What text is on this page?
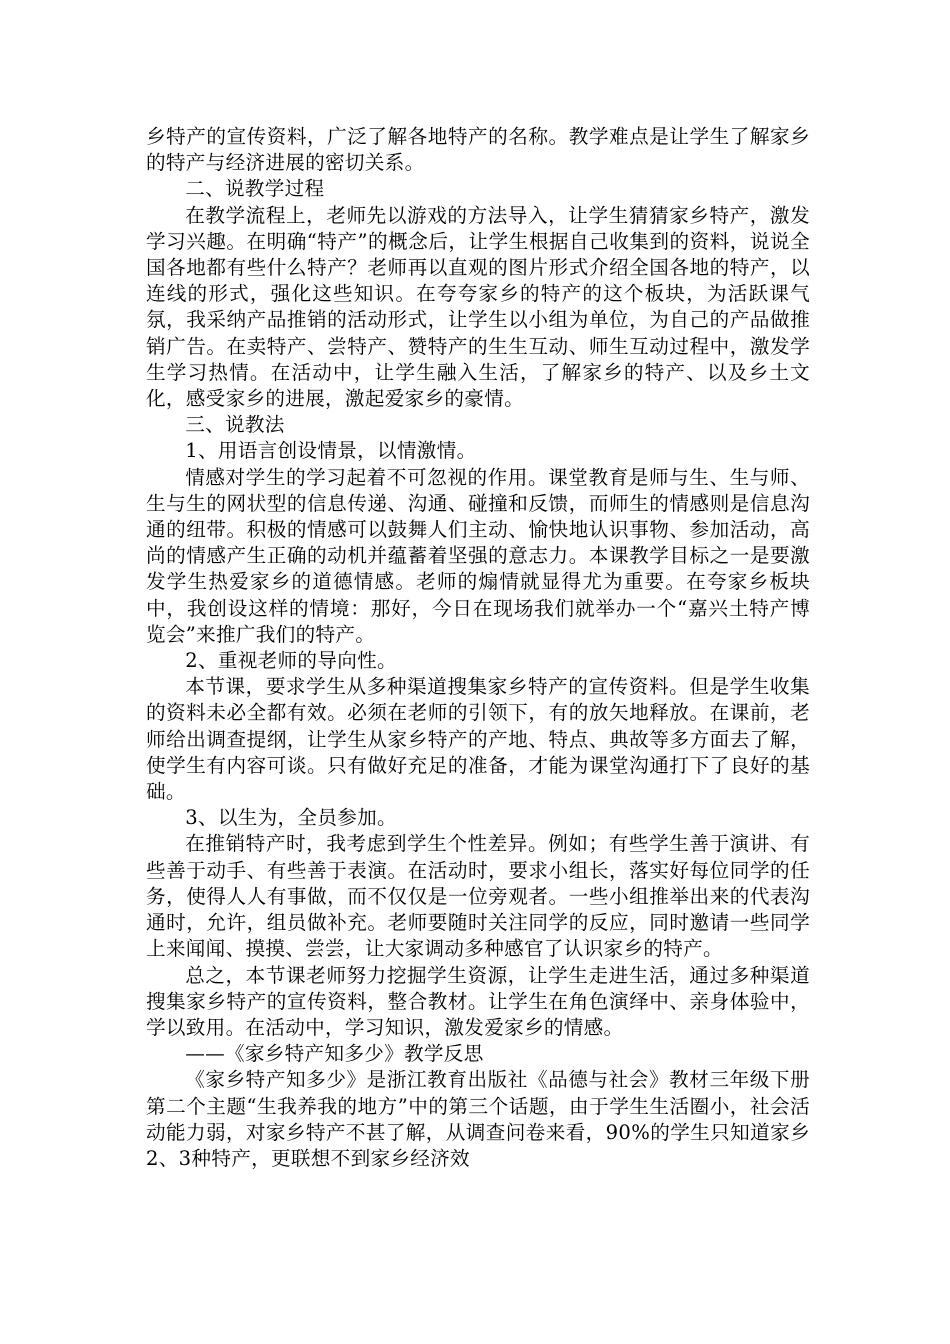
乡特产的宣传资料，广泛了解各地特产的名称。教学难点是让学生了解家乡的特产与经济进展的密切关系。

二、说教学过程

在教学流程上，老师先以游戏的方法导入，让学生猜猜家乡特产，激发学习兴趣。在明确“特产”的概念后，让学生根据自己收集到的资料，说说全国各地都有些什么特产？老师再以直观的图片形式介绍全国各地的特产，以连线的形式，强化这些知识。在夸夸家乡的特产的这个板块，为活跃课气氛，我采纳产品推销的活动形式，让学生以小组为单位，为自己的产品做推销广告。在卖特产、尝特产、赞特产的生生互动、师生互动过程中，激发学生学习热情。在活动中，让学生融入生活，了解家乡的特产、以及乡土文化，感受家乡的进展，激起爱家乡的豪情。

三、说教法

1、用语言创设情景，以情激情。

情感对学生的学习起着不可忽视的作用。课堂教育是师与生、生与师、生与生的网状型的信息传递、沟通、碰撞和反馈，而师生的情感则是信息沟通的纽带。积极的情感可以鼓舞人们主动、愉快地认识事物、参加活动，高尚的情感产生正确的动机并蕴蓄着坚强的意志力。本课教学目标之一是要激发学生热爱家乡的道德情感。老师的煽情就显得尤为重要。在夸家乡板块中，我创设这样的情境：那好，今日在现场我们就举办一个“嘉兴土特产博览会”来推广我们的特产。

2、重视老师的导向性。

本节课，要求学生从多种渠道搜集家乡特产的宣传资料。但是学生收集的资料未必全都有效。必须在老师的引领下，有的放矢地释放。在课前，老师给出调查提纲，让学生从家乡特产的产地、特点、典故等多方面去了解，使学生有内容可谈。只有做好充足的准备，才能为课堂沟通打下了良好的基础。

3、以生为，全员参加。

在推销特产时，我考虑到学生个性差异。例如；有些学生善于演讲、有些善于动手、有些善于表演。在活动时，要求小组长，落实好每位同学的任务，使得人人有事做，而不仅仅是一位旁观者。一些小组推举出来的代表沟通时，允许，组员做补充。老师要随时关注同学的反应，同时邀请一些同学上来闻闻、摸摸、尝尝，让大家调动多种感官了认识家乡的特产。

总之，本节课老师努力挖掘学生资源，让学生走进生活，通过多种渠道搜集家乡特产的宣传资料，整合教材。让学生在角色演绎中、亲身体验中，学以致用。在活动中，学习知识，激发爱家乡的情感。

——《家乡特产知多少》教学反思

《家乡特产知多少》是浙江教育出版社《品德与社会》教材三年级下册第二个主题“生我养我的地方”中的第三个话题，由于学生生活圈小，社会活动能力弱，对家乡特产不甚了解，从调查问卷来看，90%的学生只知道家乡 2、3种特产，更联想不到家乡经济效
